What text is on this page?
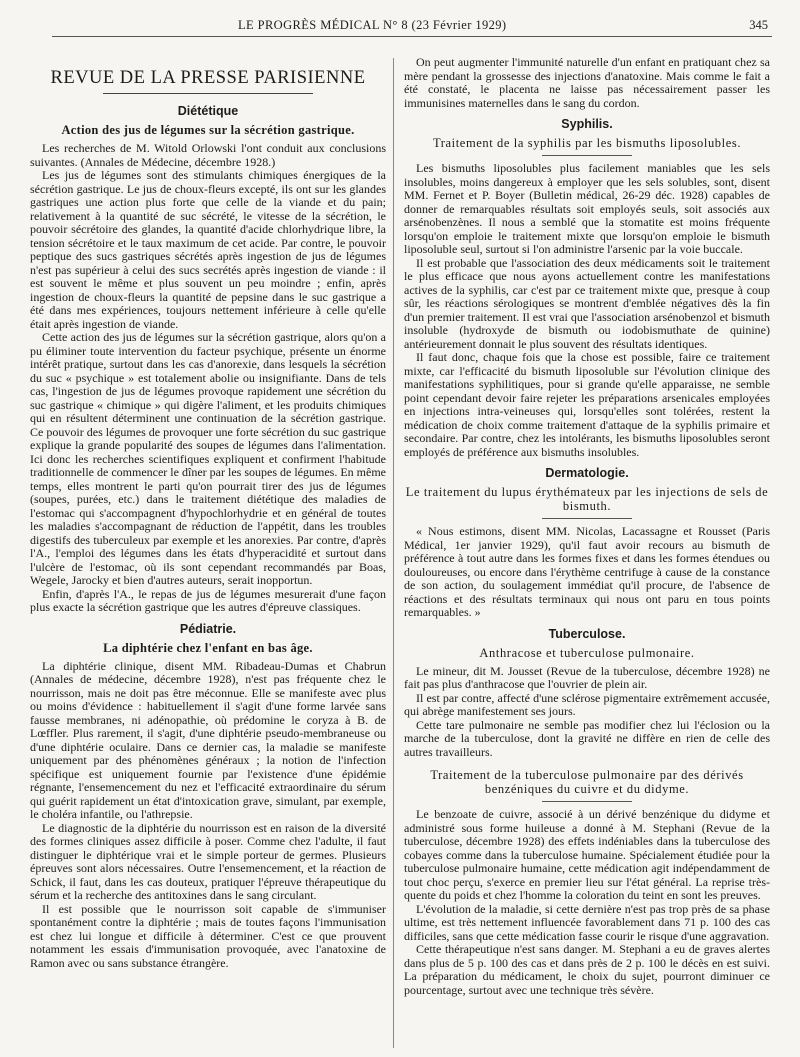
LE PROGRÈS MÉDICAL N° 8 (23 Février 1929)	345
REVUE DE LA PRESSE PARISIENNE
Diététique
Action des jus de légumes sur la sécrétion gastrique.

Les recherches de M. Witold Orlowski l'ont conduit aux conclusions suivantes. (Annales de Médecine, décembre 1928.)

Les jus de légumes sont des stimulants chimiques énergiques de la sécrétion gastrique. Le jus de choux-fleurs excepté, ils ont sur les glandes gastriques une action plus forte que celle de la viande et du pain; relativement à la quantité de suc sécrété, le vitesse de la sécrétion, le pouvoir sécrétoire des glandes, la quantité d'acide chlorhydrique libre, la tension sécrétoire et le taux maximum de cet acide. Par contre, le pouvoir peptique des sucs gastriques sécrétés après ingestion de jus de légumes n'est pas supérieur à celui des sucs secrétés après ingestion de viande : il est souvent le même et plus souvent un peu moindre ; enfin, après ingestion de choux-fleurs la quantité de pepsine dans le suc gastrique a été dans mes expériences, toujours nettement inférieure à celle qu'elle était après ingestion de viande.

Cette action des jus de légumes sur la sécrétion gastrique, alors qu'on a pu éliminer toute intervention du facteur psychique, présente un énorme intérêt pratique, surtout dans les cas d'anorexie, dans lesquels la sécrétion du suc « psychique » est totalement abolie ou insignifiante. Dans de tels cas, l'ingestion de jus de légumes provoque rapidement une sécrétion du suc gastrique « chimique » qui digère l'aliment, et les produits chimiques qui en résultent déterminent une continuation de la sécrétion gastrique. Ce pouvoir des légumes de provoquer une forte sécrétion du suc gastrique explique la grande popularité des soupes de légumes dans l'alimentation. Ici donc les recherches scientifiques expliquent et confirment l'habitude traditionnelle de commencer le dîner par les soupes de légumes. En même temps, elles montrent le parti qu'on pourrait tirer des jus de légumes (soupes, purées, etc.) dans le traitement diététique des maladies de l'estomac qui s'accompagnent d'hypochlorhydrie et en général de toutes les maladies s'accompagnant de réduction de l'appétit, dans les troubles digestifs des tuberculeux par exemple et les anorexies. Par contre, d'après l'A., l'emploi des légumes dans les états d'hyperacidité et surtout dans l'ulcère de l'estomac, où ils sont cependant recommandés par Boas, Wegele, Jarocky et bien d'autres auteurs, serait inopportun.

Enfin, d'après l'A., le repas de jus de légumes mesurerait d'une façon plus exacte la sécrétion gastrique que les autres d'épreuve classiques.

Pédiatrie.
La diphtérie chez l'enfant en bas âge.

La diphtérie clinique, disent MM. Ribadeau-Dumas et Chabrun (Annales de médecine, décembre 1928), n'est pas fréquente chez le nourrisson, mais ne doit pas être méconnue. Elle se manifeste avec plus ou moins d'évidence : habituellement il s'agit d'une forme larvée sans fausse membranes, ni adénopathie, où prédomine le coryza à B. de Lœffler. Plus rarement, il s'agit, d'une diphtérie pseudo-membraneuse ou d'une diphtérie oculaire. Dans ce dernier cas, la maladie se manifeste uniquement par des phénomènes généraux ; la notion de l'infection spécifique est uniquement fournie par l'existence d'une épidémie régnante, l'ensemencement du nez et l'efficacité extraordinaire du sérum qui guérit rapidement un état d'intoxication grave, simulant, par exemple, le choléra infantile, ou l'athrepsie.

Le diagnostic de la diphtérie du nourrisson est en raison de la diversité des formes cliniques assez difficile à poser. Comme chez l'adulte, il faut distinguer le diphtérique vrai et le simple porteur de germes. Plusieurs épreuves sont alors nécessaires. Outre l'ensemencement, et la réaction de Schick, il faut, dans les cas douteux, pratiquer l'épreuve thérapeutique du sérum et la recherche des antitoxines dans le sang circulant.

Il est possible que le nourrisson soit capable de s'immuniser spontanément contre la diphtérie ; mais de toutes façons l'immunisation est chez lui longue et difficile à déterminer. C'est ce que prouvent notamment les essais d'immunisation provoquée, avec l'anatoxine de Ramon avec ou sans substance étrangère.

On peut augmenter l'immunité naturelle d'un enfant en pratiquant chez sa mère pendant la grossesse des injections d'anatoxine. Mais comme le fait a été constaté, le placenta ne laisse pas nécessairement passer les immunisines maternelles dans le sang du cordon.

Syphilis.
Traitement de la syphilis par les bismuths liposolubles.

Les bismuths liposolubles plus facilement maniables que les sels insolubles, moins dangereux à employer que les sels solubles, sont, disent MM. Fernet et P. Boyer (Bulletin médical, 26-29 déc. 1928) capables de donner de remarquables résultats soit employés seuls, soit associés aux arsénobenzènes. Il nous a semblé que la stomatite est moins fréquente lorsqu'on emploie le traitement mixte que lorsqu'on emploie le bismuth liposoluble seul, surtout si l'on administre l'arsenic par la voie buccale.

Il est probable que l'association des deux médicaments soit le traitement le plus efficace que nous ayons actuellement contre les manifestations actives de la syphilis, car c'est par ce traitement mixte que, presque à coup sûr, les réactions sérologiques se montrent d'emblée négatives dès la fin d'un premier traitement. Il est vrai que l'association arsénobenzol et bismuth insoluble (hydroxyde de bismuth ou iodobismuthate de quinine) antérieurement donnait le plus souvent des résultats identiques.

Il faut donc, chaque fois que la chose est possible, faire ce traitement mixte, car l'efficacité du bismuth liposoluble sur l'évolution clinique des manifestations syphilitiques, pour si grande qu'elle apparaisse, ne semble point cependant devoir faire rejeter les préparations arsenicales employées en injections intra-veineuses qui, lorsqu'elles sont tolérées, restent la médication de choix comme traitement d'attaque de la syphilis primaire et secondaire. Par contre, chez les intolérants, les bismuths liposolubles seront employés de préférence aux bismuths insolubles.

Dermatologie.
Le traitement du lupus érythémateux par les injections de sels de bismuth.

« Nous estimons, disent MM. Nicolas, Lacassagne et Rousset (Paris Médical, 1er janvier 1929), qu'il faut avoir recours au bismuth de préférence à tout autre dans les formes fixes et dans les formes étendues ou douloureuses, ou encore dans l'érythème centrifuge à cause de la constance de son action, du soulagement immédiat qu'il procure, de l'absence de réactions et des résultats terminaux qui nous ont paru en tous points remarquables. »

Tuberculose.
Anthracose et tuberculose pulmonaire.

Le mineur, dit M. Jousset (Revue de la tuberculose, décembre 1928) ne fait pas plus d'anthracose que l'ouvrier de plein air.

Il est par contre, affecté d'une sclérose pigmentaire extrêmement accusée, qui abrège manifestement ses jours.

Cette tare pulmonaire ne semble pas modifier chez lui l'éclosion ou la marche de la tuberculose, dont la gravité ne diffère en rien de celle des autres travailleurs.

Traitement de la tuberculose pulmonaire par des dérivés benzéniques du cuivre et du didyme.

Le benzoate de cuivre, associé à un dérivé benzénique du didyme et administré sous forme huileuse a donné à M. Stephani (Revue de la tuberculose, décembre 1928) des effets indéniables dans la tuberculose des cobayes comme dans la tuberculose humaine. Spécialement étudiée pour la tuberculose pulmonaire humaine, cette médication agit indépendamment de tout choc perçu, s'exerce en premier lieu sur l'état général. La reprise très-quente du poids et chez l'homme la coloration du teint en sont les preuves.

L'évolution de la maladie, si cette dernière n'est pas trop près de sa phase ultime, est très nettement influencée favorablement dans 71 p. 100 des cas difficiles, sans que cette médication fasse courir le risque d'une aggravation.

Cette thérapeutique n'est sans danger. M. Stephani a eu de graves alertes dans plus de 5 p. 100 des cas et dans près de 2 p. 100 le décès en est suivi. La préparation du médicament, le choix du sujet, pourront diminuer ce pourcentage, surtout avec une technique très sévère.
